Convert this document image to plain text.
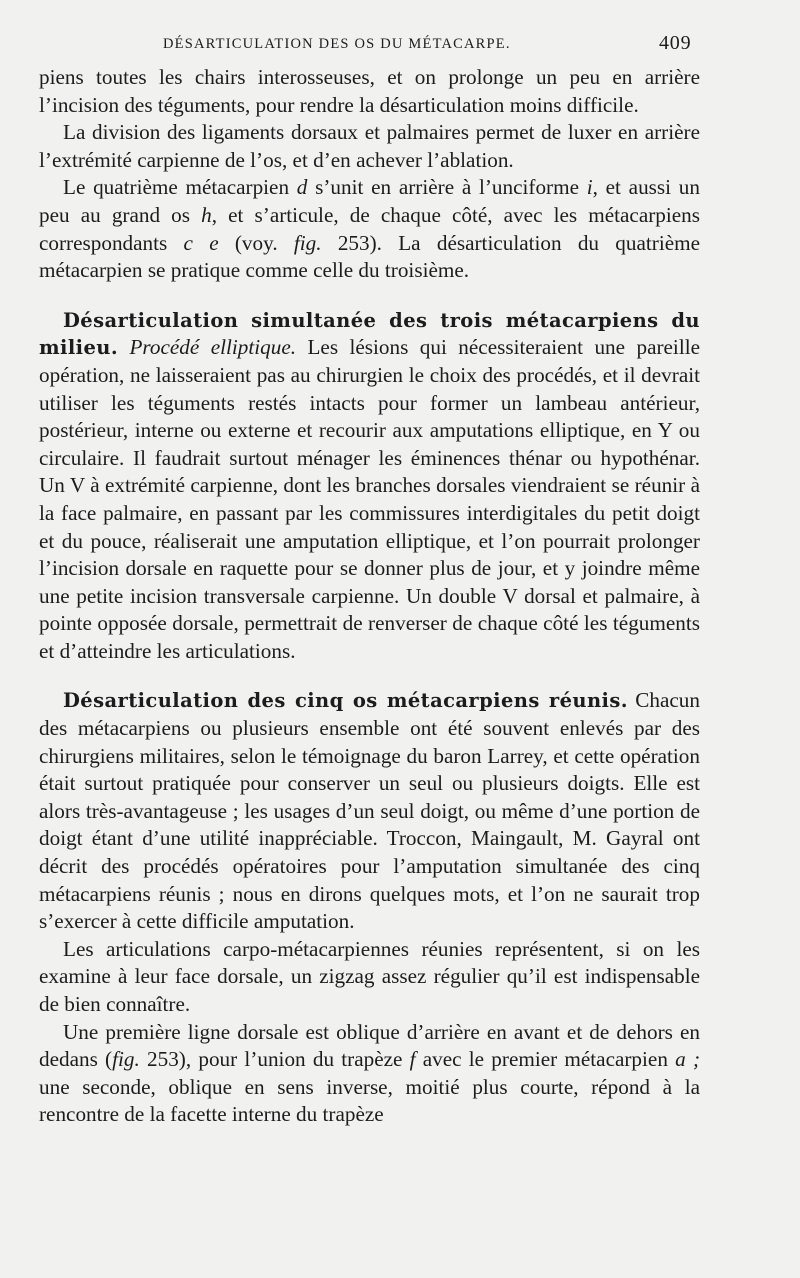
DÉSARTICULATION DES OS DU MÉTACARPE.	409

piens toutes les chairs interosseuses, et on prolonge un peu en arrière l’incision des téguments, pour rendre la désarticulation moins difficile.

La division des ligaments dorsaux et palmaires permet de luxer en arrière l’extrémité carpienne de l’os, et d’en achever l’ablation.

Le quatrième métacarpien d s’unit en arrière à l’unciforme i, et aussi un peu au grand os h, et s’articule, de chaque côté, avec les métacarpiens correspondants c e (voy. fig. 253). La désarticulation du quatrième métacarpien se pratique comme celle du troisième.

Désarticulation simultanée des trois métacarpiens du milieu. Procédé elliptique. Les lésions qui nécessiteraient une pareille opération, ne laisseraient pas au chirurgien le choix des procédés, et il devrait utiliser les téguments restés intacts pour former un lambeau antérieur, postérieur, interne ou externe et recourir aux amputations elliptique, en Y ou circulaire. Il faudrait surtout ménager les éminences thénar ou hypothénar. Un V à extrémité carpienne, dont les branches dorsales viendraient se réunir à la face palmaire, en passant par les commissures interdigitales du petit doigt et du pouce, réaliserait une amputation elliptique, et l’on pourrait prolonger l’incision dorsale en raquette pour se donner plus de jour, et y joindre même une petite incision transversale carpienne. Un double V dorsal et palmaire, à pointe opposée dorsale, permettrait de renverser de chaque côté les téguments et d’atteindre les articulations.

Désarticulation des cinq os métacarpiens réunis. Chacun des métacarpiens ou plusieurs ensemble ont été souvent enlevés par des chirurgiens militaires, selon le témoignage du baron Larrey, et cette opération était surtout pratiquée pour conserver un seul ou plusieurs doigts. Elle est alors très-avantageuse ; les usages d’un seul doigt, ou même d’une portion de doigt étant d’une utilité inappréciable. Troccon, Maingault, M. Gayral ont décrit des procédés opératoires pour l’amputation simultanée des cinq métacarpiens réunis ; nous en dirons quelques mots, et l’on ne saurait trop s’exercer à cette difficile amputation.

Les articulations carpo-métacarpiennes réunies représentent, si on les examine à leur face dorsale, un zigzag assez régulier qu’il est indispensable de bien connaître.

Une première ligne dorsale est oblique d’arrière en avant et de dehors en dedans (fig. 253), pour l’union du trapèze f avec le premier métacarpien a ; une seconde, oblique en sens inverse, moitié plus courte, répond à la rencontre de la facette interne du trapèze
